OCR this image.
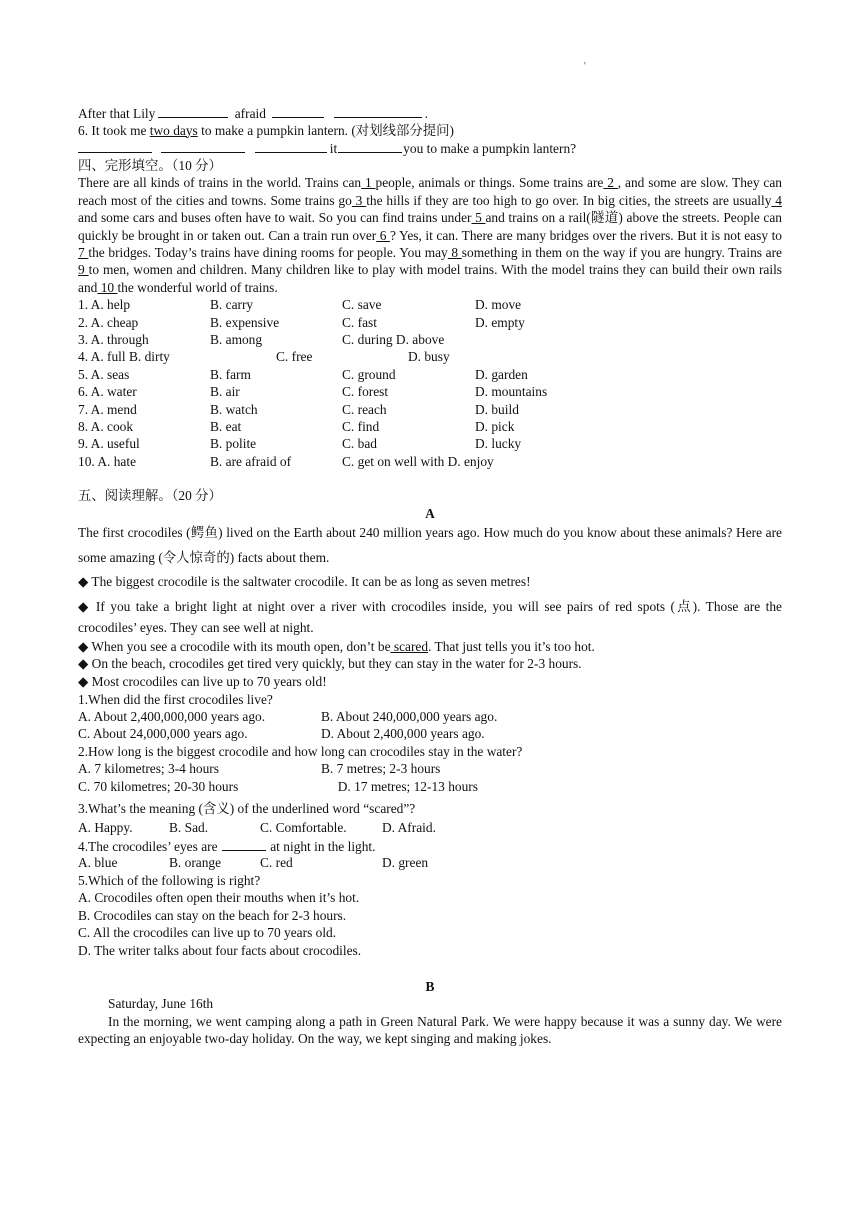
'
After that Lily	afraid	.
6. It took me two days to make a pumpkin lantern. (对划线部分提问)
it	you to make a pumpkin lantern?
四、完形填空。（10 分）
There are all kinds of trains in the world. Trains can 1 people, animals or things. Some trains are 2 , and some are slow. They can reach most of the cities and towns. Some trains go 3 the hills if they are too high to go over. In big cities, the streets are usually 4 and some cars and buses often have to wait. So you can find trains under 5 and trains on a rail(隧道) above the streets. People can quickly be brought in or taken out. Can a train run over 6 ? Yes, it can. There are many bridges over the rivers. But it is not easy to 7 the bridges. Today’s trains have dining rooms for people. You may 8 something in them on the way if you are hungry. Trains are 9 to men, women and children. Many children like to play with model trains. With the model trains they can build their own rails and 10 the wonderful world of trains.
1. A. help	B. carry	C. save	D. move
2. A. cheap	B. expensive	C. fast	D. empty
3. A. through	B. among	C. during D. above
4. A. full B. dirty	C. free	D. busy
5. A. seas	B. farm	C. ground	D. garden
6. A. water	B. air	C. forest	D. mountains
7. A. mend	B. watch	C. reach	D. build
8. A. cook	B. eat	C. find	D. pick
9. A. useful	B. polite	C. bad	D. lucky
10. A. hate	B. are afraid of	C. get on well with D. enjoy
五、阅读理解。（20 分）
A
The first crocodiles (鳄鱼) lived on the Earth about 240 million years ago. How much do you know about these animals? Here are some amazing (令人惊奇的) facts about them.
◆ The biggest crocodile is the saltwater crocodile. It can be as long as seven metres!
◆ If you take a bright light at night over a river with crocodiles inside, you will see pairs of red spots (点). Those are the crocodiles’ eyes. They can see well at night.
◆ When you see a crocodile with its mouth open, don’t be scared. That just tells you it’s too hot.
◆ On the beach, crocodiles get tired very quickly, but they can stay in the water for 2-3 hours.
◆ Most crocodiles can live up to 70 years old!
1.When did the first crocodiles live?
A. About 2,400,000,000 years ago.	B. About 240,000,000 years ago.
C. About 24,000,000 years ago.	D. About 2,400,000 years ago.
2.How long is the biggest crocodile and how long can crocodiles stay in the water?
A. 7 kilometres; 3-4 hours	B. 7 metres; 2-3 hours
C. 70 kilometres; 20-30 hours	D. 17 metres; 12-13 hours
3.What’s the meaning (含义) of the underlined word “scared”?
A. Happy.	B. Sad.	C. Comfortable.	D. Afraid.
4.The crocodiles’ eyes are	at night in the light.
A. blue	B. orange	C. red	D. green
5.Which of the following is right?
A. Crocodiles often open their mouths when it’s hot.
B. Crocodiles can stay on the beach for 2-3 hours.
C. All the crocodiles can live up to 70 years old.
D. The writer talks about four facts about crocodiles.
B
Saturday, June 16th
In the morning, we went camping along a path in Green Natural Park. We were happy because it was a sunny day. We were expecting an enjoyable two-day holiday. On the way, we kept singing and making jokes.
